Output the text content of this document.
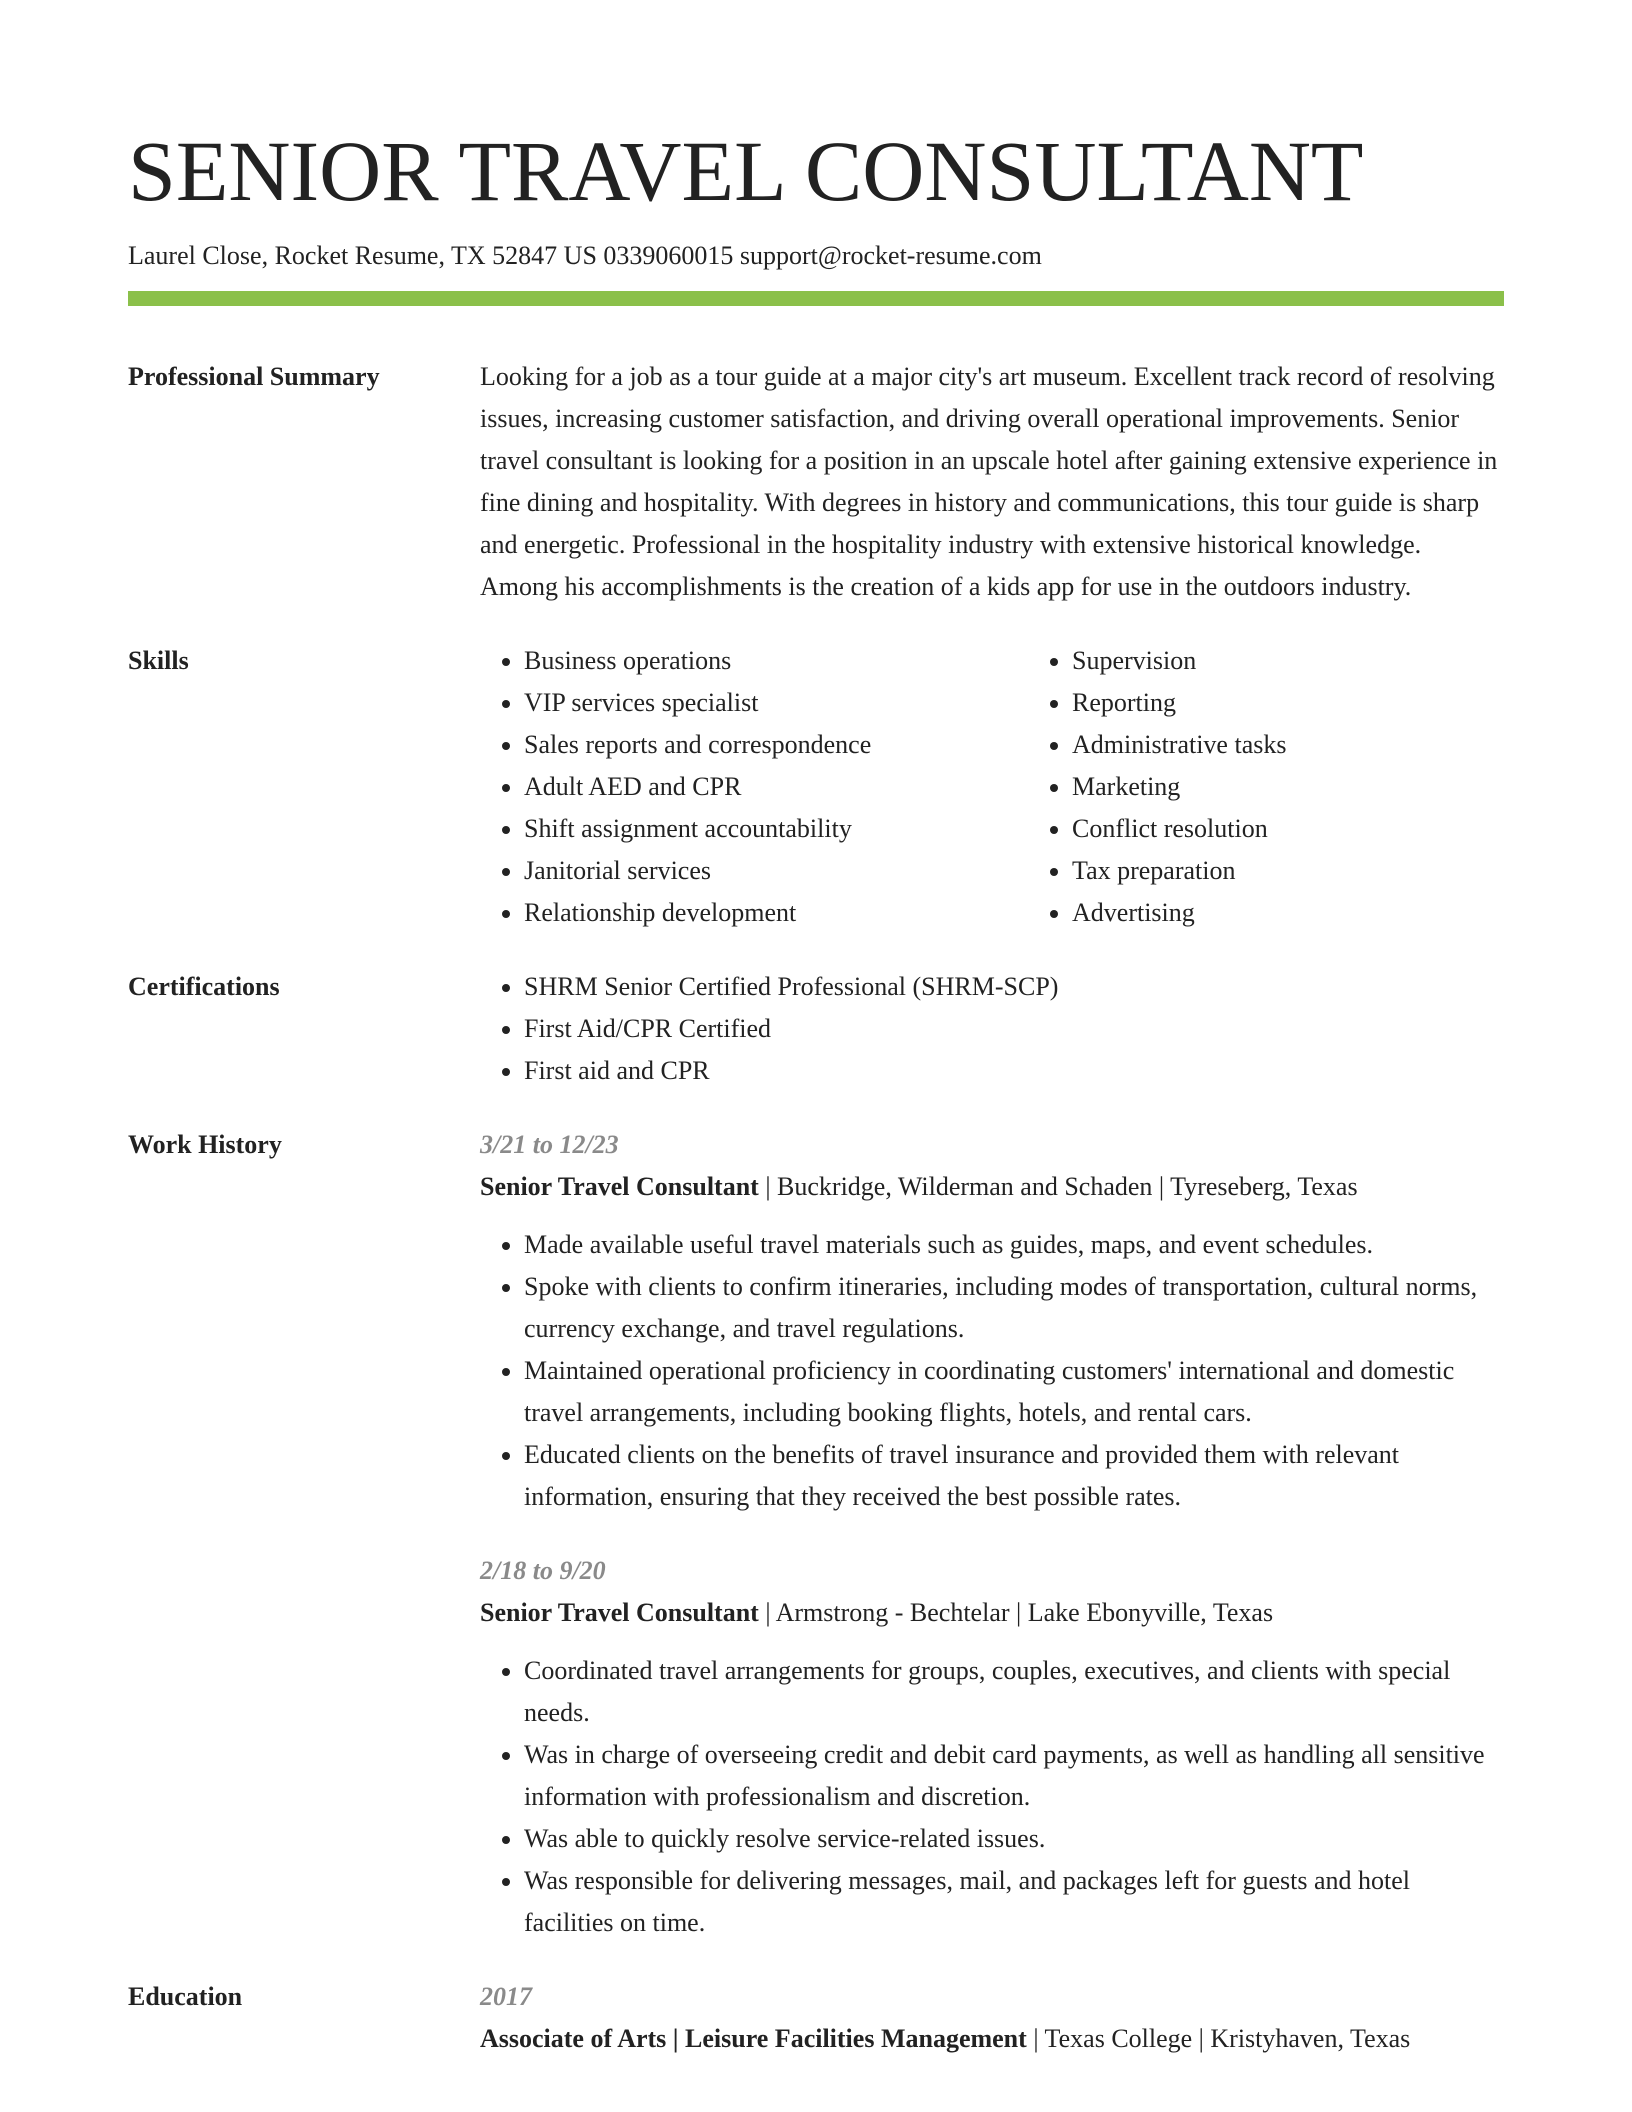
SENIOR TRAVEL CONSULTANT
Laurel Close, Rocket Resume, TX 52847 US 0339060015 support@rocket-resume.com
Professional Summary	Looking for a job as a tour guide at a major city's art museum. Excellent track record of resolving issues, increasing customer satisfaction, and driving overall operational improvements. Senior travel consultant is looking for a position in an upscale hotel after gaining extensive experience in fine dining and hospitality. With degrees in history and communications, this tour guide is sharp and energetic. Professional in the hospitality industry with extensive historical knowledge. Among his accomplishments is the creation of a kids app for use in the outdoors industry.

Skills	• Business operations
• VIP services specialist
• Sales reports and correspondence
• Adult AED and CPR
• Shift assignment accountability
• Janitorial services
• Relationship development
• Supervision
• Reporting
• Administrative tasks
• Marketing
• Conflict resolution
• Tax preparation
• Advertising
Certifications	• SHRM Senior Certified Professional (SHRM-SCP)
• First Aid/CPR Certified
• First aid and CPR
Work History	3/21 to 12/23
Senior Travel Consultant | Buckridge, Wilderman and Schaden | Tyreseberg, Texas
• Made available useful travel materials such as guides, maps, and event schedules.
• Spoke with clients to confirm itineraries, including modes of transportation, cultural norms, currency exchange, and travel regulations.
• Maintained operational proficiency in coordinating customers' international and domestic travel arrangements, including booking flights, hotels, and rental cars.
• Educated clients on the benefits of travel insurance and provided them with relevant information, ensuring that they received the best possible rates.
2/18 to 9/20
Senior Travel Consultant | Armstrong - Bechtelar | Lake Ebonyville, Texas
• Coordinated travel arrangements for groups, couples, executives, and clients with special needs.
• Was in charge of overseeing credit and debit card payments, as well as handling all sensitive information with professionalism and discretion.
• Was able to quickly resolve service-related issues.
• Was responsible for delivering messages, mail, and packages left for guests and hotel facilities on time.
Education	2017
Associate of Arts | Leisure Facilities Management | Texas College | Kristyhaven, Texas
